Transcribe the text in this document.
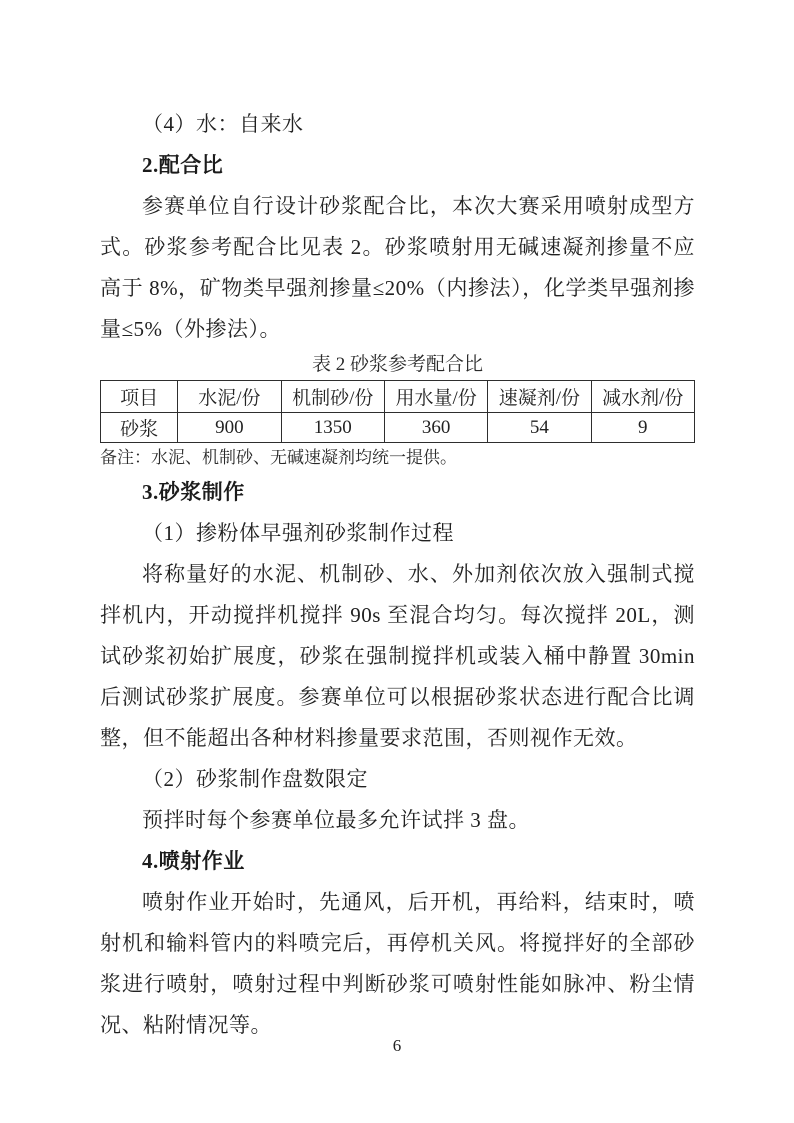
（4）水：自来水

2.配合比

参赛单位自行设计砂浆配合比，本次大赛采用喷射成型方式。砂浆参考配合比见表 2。砂浆喷射用无碱速凝剂掺量不应高于 8%，矿物类早强剂掺量≤20%（内掺法），化学类早强剂掺量≤5%（外掺法）。

表 2 砂浆参考配合比

项目	水泥/份	机制砂/份	用水量/份	速凝剂/份	减水剂/份
砂浆	900	1350	360	54	9

备注：水泥、机制砂、无碱速凝剂均统一提供。

3.砂浆制作

（1）掺粉体早强剂砂浆制作过程

将称量好的水泥、机制砂、水、外加剂依次放入强制式搅拌机内，开动搅拌机搅拌 90s 至混合均匀。每次搅拌 20L，测试砂浆初始扩展度，砂浆在强制搅拌机或装入桶中静置 30min 后测试砂浆扩展度。参赛单位可以根据砂浆状态进行配合比调整，但不能超出各种材料掺量要求范围，否则视作无效。

（2）砂浆制作盘数限定

预拌时每个参赛单位最多允许试拌 3 盘。

4.喷射作业

喷射作业开始时，先通风，后开机，再给料，结束时，喷射机和输料管内的料喷完后，再停机关风。将搅拌好的全部砂浆进行喷射，喷射过程中判断砂浆可喷射性能如脉冲、粉尘情况、粘附情况等。

6
